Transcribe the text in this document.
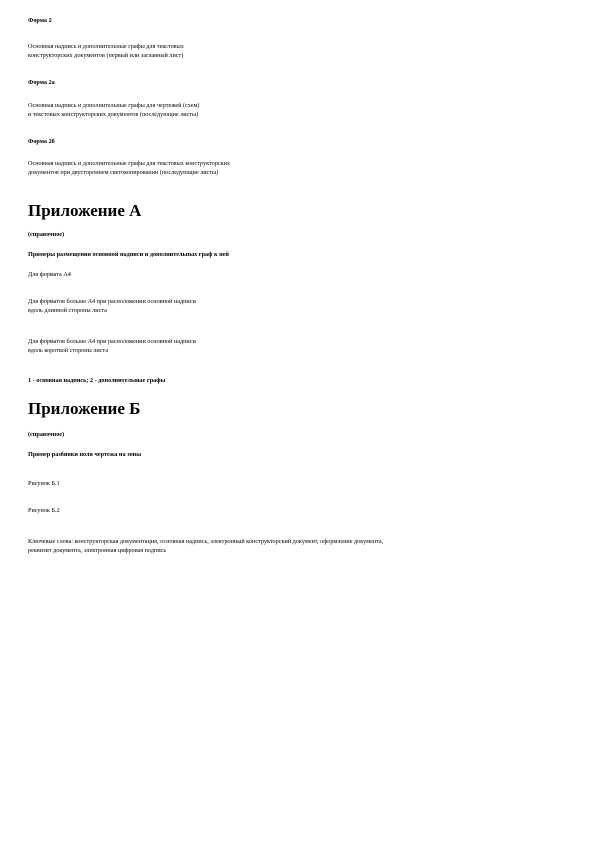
Форма 2
Основная надпись и дополнительные графы для текстовых
конструкторских документов (первый или заглавный лист)
Форма 2а
Основная надпись и дополнительные графы для чертежей (схем)
и текстовых конструкторских документов (последующие листы)
Форма 2б
Основная надпись и дополнительные графы для текстовых конструкторских
документов при двустороннем светокопировании (последующие листы)
Приложение А
(справочное)
Примеры размещения основной надписи и дополнительных граф к ней
Для формата А4
Для форматов больше А4 при расположении основной надписи
вдоль длинной стороны листа
Для форматов больше А4 при расположении основной надписи
вдоль короткой стороны листа
1 - основная надпись; 2 - дополнительные графы
Приложение Б
(справочное)
Пример разбивки поля чертежа на зоны
Рисунок Б.1
Рисунок Б.2
Ключевые слова: конструкторская документация, основная надпись, электронный конструкторский документ, оформление документа,
реквизит документа, электронная цифровая подпись
